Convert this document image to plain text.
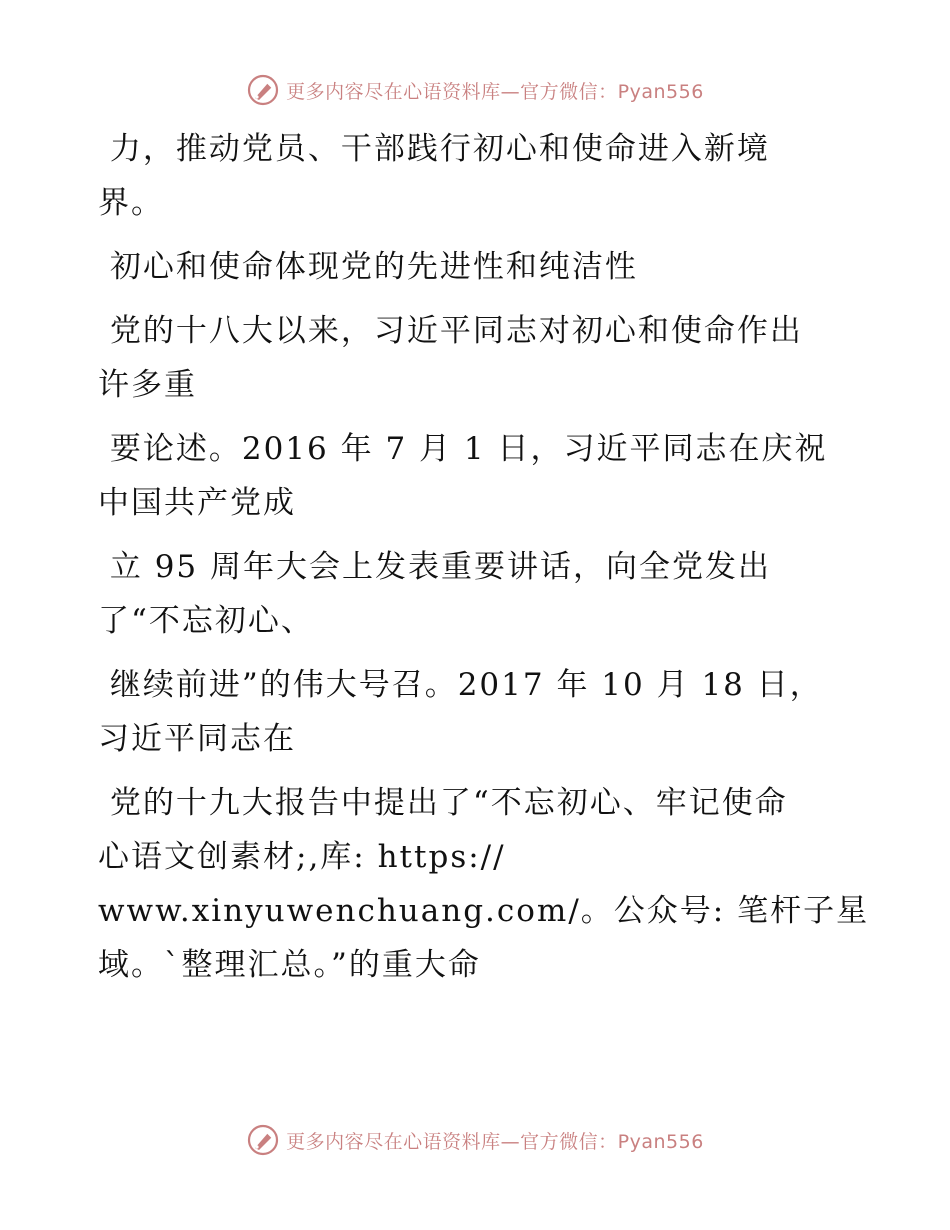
更多内容尽在心语资料库—官方微信：Pyan556
力，推动党员、干部践行初心和使命进入新境
界。
初心和使命体现党的先进性和纯洁性
党的十八大以来，习近平同志对初心和使命作出
许多重
要论述。2016 年 7 月 1 日，习近平同志在庆祝
中国共产党成
立 95 周年大会上发表重要讲话，向全党发出
了“不忘初心、
继续前进”的伟大号召。2017 年 10 月 18 日，
习近平同志在
党的十九大报告中提出了“不忘初心、牢记使命
心语文创素材;,库: https://
www.xinyuwenchuang.com/。公众号: 笔杆子星
域。`整理汇总。”的重大命
更多内容尽在心语资料库—官方微信：Pyan556
